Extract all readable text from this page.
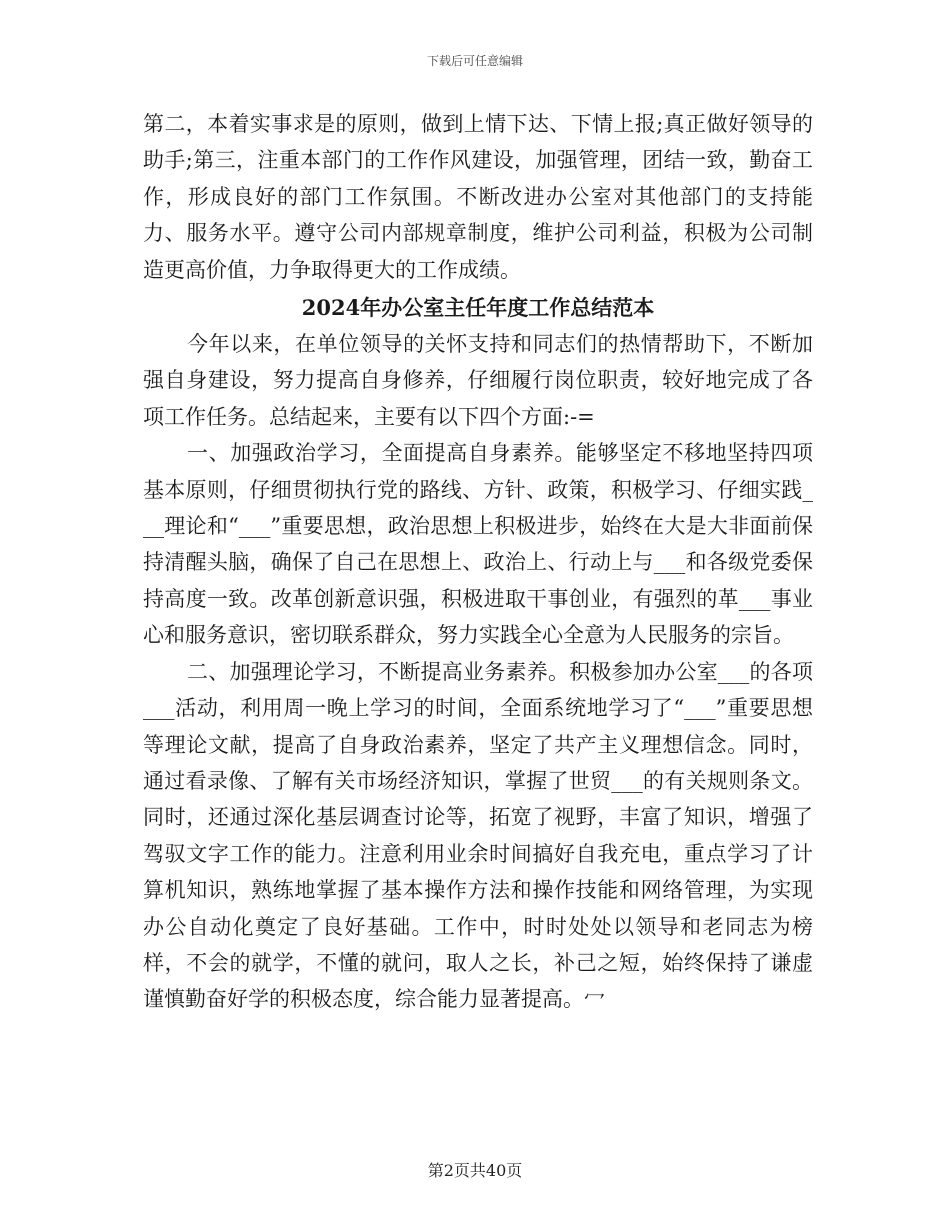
下载后可任意编辑

第二，本着实事求是的原则，做到上情下达、下情上报;真正做好领导的助手;第三，注重本部门的工作作风建设，加强管理，团结一致，勤奋工作，形成良好的部门工作氛围。不断改进办公室对其他部门的支持能力、服务水平。遵守公司内部规章制度，维护公司利益，积极为公司制造更高价值，力争取得更大的工作成绩。

2024年办公室主任年度工作总结范本

今年以来，在单位领导的关怀支持和同志们的热情帮助下，不断加强自身建设，努力提高自身修养，仔细履行岗位职责，较好地完成了各项工作任务。总结起来，主要有以下四个方面:-=

一、加强政治学习，全面提高自身素养。能够坚定不移地坚持四项基本原则，仔细贯彻执行党的路线、方针、政策，积极学习、仔细实践___理论和“___”重要思想，政治思想上积极进步，始终在大是大非面前保持清醒头脑，确保了自己在思想上、政治上、行动上与___和各级党委保持高度一致。改革创新意识强，积极进取干事创业，有强烈的革___事业心和服务意识，密切联系群众，努力实践全心全意为人民服务的宗旨。

二、加强理论学习，不断提高业务素养。积极参加办公室___的各项___活动，利用周一晚上学习的时间，全面系统地学习了“___”重要思想等理论文献，提高了自身政治素养，坚定了共产主义理想信念。同时，通过看录像、了解有关市场经济知识，掌握了世贸___的有关规则条文。同时，还通过深化基层调查讨论等，拓宽了视野，丰富了知识，增强了驾驭文字工作的能力。注意利用业余时间搞好自我充电，重点学习了计算机知识，熟练地掌握了基本操作方法和操作技能和网络管理，为实现办公自动化奠定了良好基础。工作中，时时处处以领导和老同志为榜样，不会的就学，不懂的就问，取人之长，补己之短，始终保持了谦虚谨慎勤奋好学的积极态度，综合能力显著提高。冖

第2页共40页
